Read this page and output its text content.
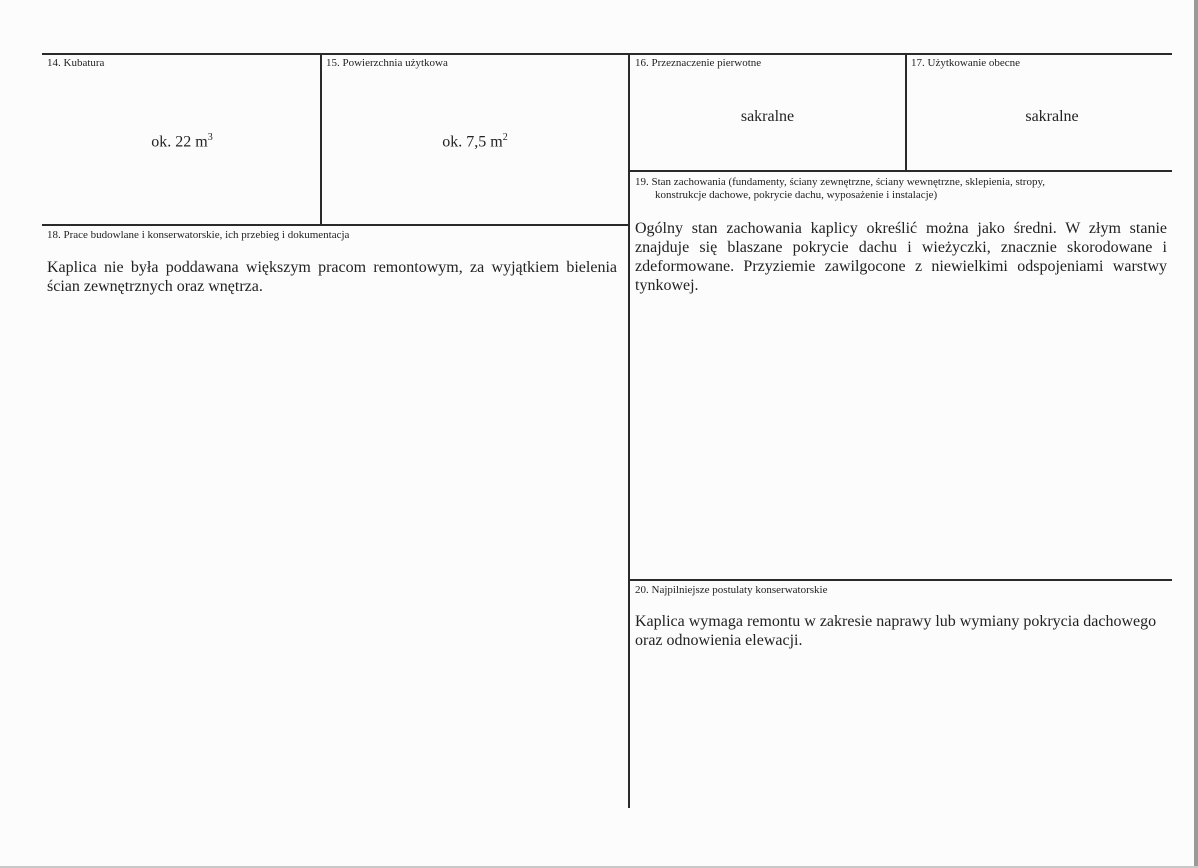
14. Kubatura
ok. 22 $m^3$
15. Powierzchnia użytkowa
ok. 7,5 $m^2$
16. Przeznaczenie pierwotne
sakralne
17. Użytkowanie obecne
sakralne
18. Prace budowlane i konserwatorskie, ich przebieg i dokumentacja
Kaplica nie była poddawana większym pracom remontowym, za wyjątkiem bielenia ścian zewnętrznych oraz wnętrza.
19. Stan zachowania (fundamenty, ściany zewnętrzne, ściany wewnętrzne, sklepienia, stropy,
konstrukcje dachowe, pokrycie dachu, wyposażenie i instalacje)
Ogólny stan zachowania kaplicy określić można jako średni. W złym stanie znajduje się blaszane pokrycie dachu i wieżyczki, znacznie skorodowane i zdeformowane. Przyziemie zawilgocone z niewielkimi odspojeniami warstwy tynkowej.
20. Najpilniejsze postulaty konserwatorskie
Kaplica wymaga remontu w zakresie naprawy lub wymiany pokrycia dachowego oraz odnowienia elewacji.
